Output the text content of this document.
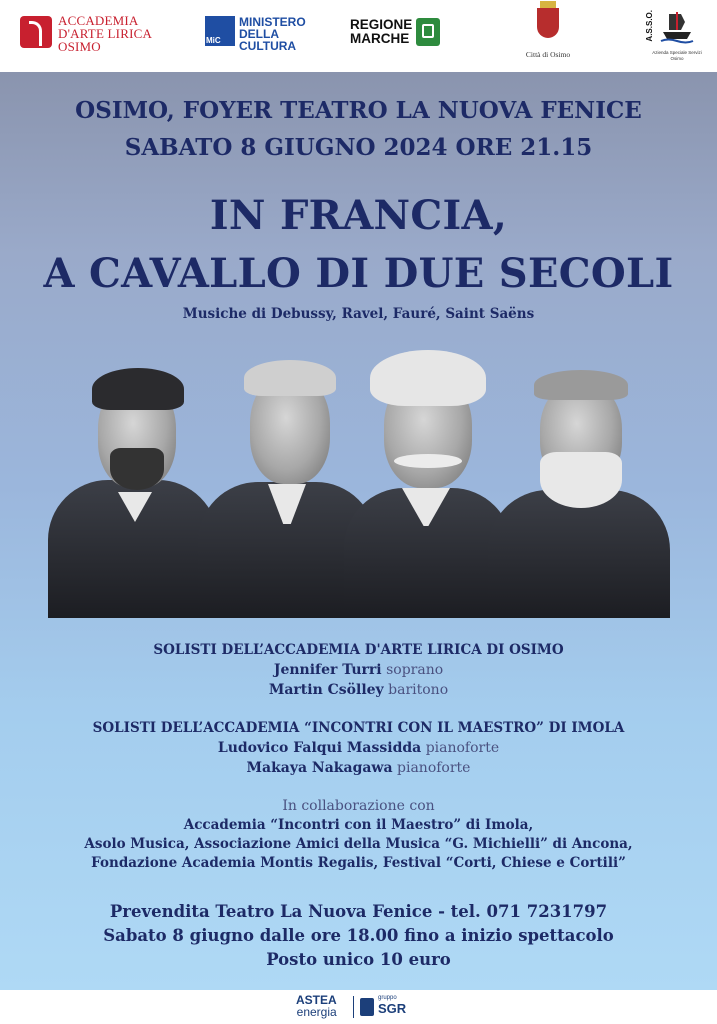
ACCADEMIA
D'ARTE LIRICA
OSIMO	MiC
MINISTERO
DELLA
CULTURA
REGIONE
MARCHE
Città di Osimo
A.S.S.O.
Azienda Speciale Servizi Osimo
OSIMO, FOYER TEATRO LA NUOVA FENICE
SABATO 8 GIUGNO 2024 ORE 21.15
IN FRANCIA,
A CAVALLO DI DUE SECOLI
Musiche di Debussy, Ravel, Fauré, Saint Saëns
SOLISTI DELL’ACCADEMIA D'ARTE LIRICA DI OSIMO
Jennifer Turri soprano
Martin Csölley baritono
SOLISTI DELL’ACCADEMIA “INCONTRI CON IL MAESTRO” DI IMOLA
Ludovico Falqui Massidda pianoforte
Makaya Nakagawa pianoforte
In collaborazione con
Accademia “Incontri con il Maestro” di Imola,
Asolo Musica, Associazione Amici della Musica “G. Michielli” di Ancona,
Fondazione Academia Montis Regalis, Festival “Corti, Chiese e Cortili”
Prevendita Teatro La Nuova Fenice - tel. 071 7231797
Sabato 8 giugno dalle ore 18.00 fino a inizio spettacolo
Posto unico 10 euro
ASTEA
energia
gruppo
SGR
